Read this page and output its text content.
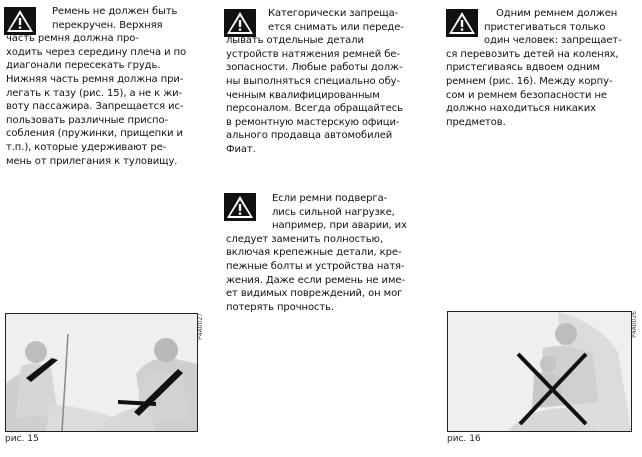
Ремень не должен быть
перекручен. Верхняя
часть ремня должна про-
ходить через середину плеча и по
диагонали пересекать грудь.
Нижняя часть ремня должна при-
легать к тазу (рис. 15), а не к жи-
воту пассажира. Запрещается ис-
пользовать различные приспо-
собления (пружинки, прищепки и
т.п.), которые удерживают ре-
мень от прилегания к туловищу.
Категорически запреща-
ется снимать или переде-
лывать отдельные детали
устройств натяжения ремней бе-
зопасности. Любые работы долж-
ны выполняться специально обу-
ченным квалифицированным
персоналом. Всегда обращайтесь
в ремонтную мастерскую офици-
ального продавца автомобилей
Фиат.
Если ремни подверга-
лись сильной нагрузке,
например, при аварии, их
следует заменить полностью,
включая крепежные детали, кре-
пежные болты и устройства натя-
жения. Даже если ремень не име-
ет видимых повреждений, он мог
потерять прочность.
Одним ремнем должен
пристегиваться только
один человек: запрещает-
ся перевозить детей на коленях,
пристегиваясь вдвоем одним
ремнем (рис. 16). Между корпу-
сом и ремнем безопасности не
должно находиться никаких
предметов.
P4A0027
рис. 15
P4A0026
рис. 16
